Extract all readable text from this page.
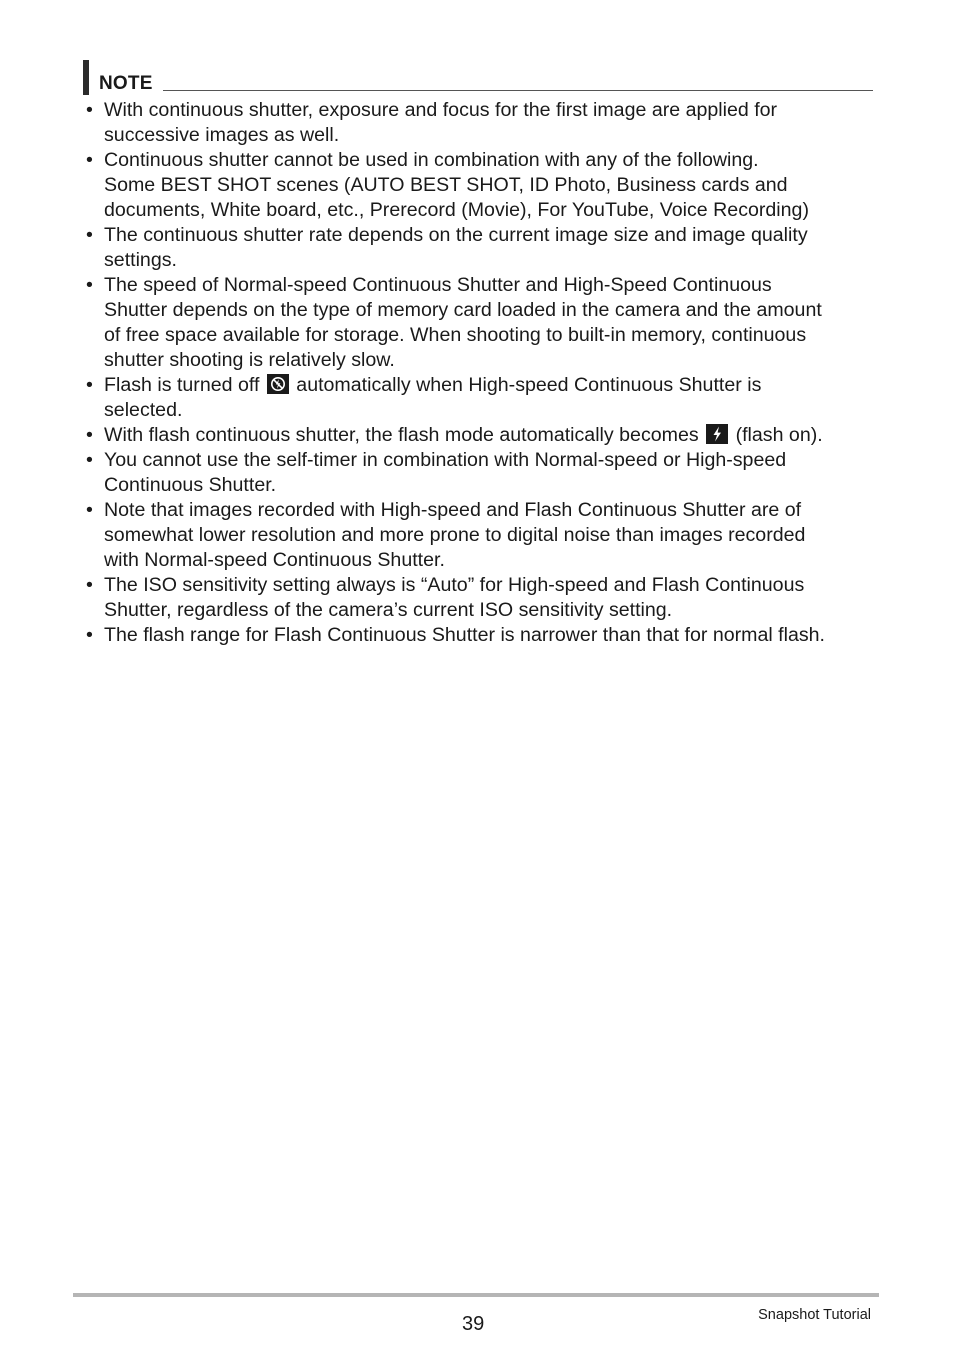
NOTE
• With continuous shutter, exposure and focus for the first image are applied for
successive images as well.
• Continuous shutter cannot be used in combination with any of the following.
Some BEST SHOT scenes (AUTO BEST SHOT, ID Photo, Business cards and
documents, White board, etc., Prerecord (Movie), For YouTube, Voice Recording)
• The continuous shutter rate depends on the current image size and image quality
settings.
• The speed of Normal-speed Continuous Shutter and High-Speed Continuous
Shutter depends on the type of memory card loaded in the camera and the amount
of free space available for storage. When shooting to built-in memory, continuous
shutter shooting is relatively slow.
• Flash is turned off automatically when High-speed Continuous Shutter is
selected.
• With flash continuous shutter, the flash mode automatically becomes (flash on).
• You cannot use the self-timer in combination with Normal-speed or High-speed
Continuous Shutter.
• Note that images recorded with High-speed and Flash Continuous Shutter are of
somewhat lower resolution and more prone to digital noise than images recorded
with Normal-speed Continuous Shutter.
• The ISO sensitivity setting always is “Auto” for High-speed and Flash Continuous
Shutter, regardless of the camera’s current ISO sensitivity setting.
• The flash range for Flash Continuous Shutter is narrower than that for normal flash.
39	Snapshot Tutorial
